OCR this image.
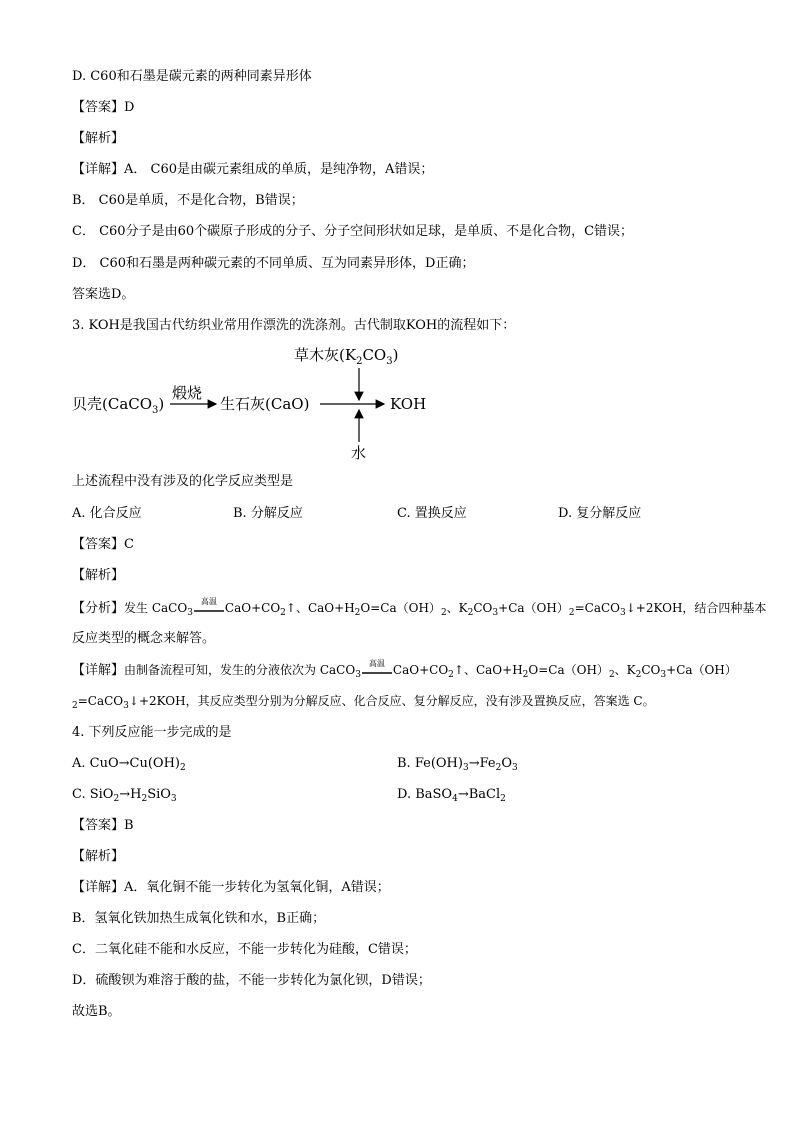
D. C60和石墨是碳元素的两种同素异形体
【答案】D
【解析】
【详解】A． C60是由碳元素组成的单质，是纯净物，A错误；
B． C60是单质，不是化合物，B错误；
C． C60分子是由60个碳原子形成的分子、分子空间形状如足球，是单质、不是化合物，C错误；
D． C60和石墨是两种碳元素的不同单质、互为同素异形体，D正确；
答案选D。
3. KOH是我国古代纺织业常用作漂洗的洗涤剂。古代制取KOH的流程如下：
草木灰$(K_2CO_3)$
贝壳(CaCO$_3$)
煅烧
生石灰(CaO)	KOH
水
上述流程中没有涉及的化学反应类型是
A. 化合反应	B. 分解反应	C. 置换反应	D. 复分解反应
【答案】C
【解析】
【分析】发生 CaCO$_3$
高温 $CaO+CO_2↑$、$CaO+H_2O=Ca(OH)_2$、$K_2CO_3+Ca(OH)_2=CaCO_3↓+2KOH$，结合四种基本
反应类型的概念来解答。
【详解】由制备流程可知，发生的分液依次为 CaCO$_3$
高温 $CaO+CO_2↑$、$CaO+H_2O=Ca(OH)_2$、$K_2CO_3+Ca(OH)$
$_2$=CaCO$_3$↓+2KOH，其反应类型分别为分解反应、化合反应、复分解反应，没有涉及置换反应，答案选 C。
4. 下列反应能一步完成的是
A. $CuO\to Cu(OH)_2$	B. $Fe(OH)_3\to Fe_2O_3$
C. $SiO_2\to H_2SiO_3$	D. BaSO$_4$→BaCl$_2$
【答案】B
【解析】
【详解】A．氧化铜不能一步转化为氢氧化铜，A错误；
B．氢氧化铁加热生成氧化铁和水，B正确；
C．二氧化硅不能和水反应，不能一步转化为硅酸，C错误；
D．硫酸钡为难溶于酸的盐，不能一步转化为氯化钡，D错误；
故选B。
